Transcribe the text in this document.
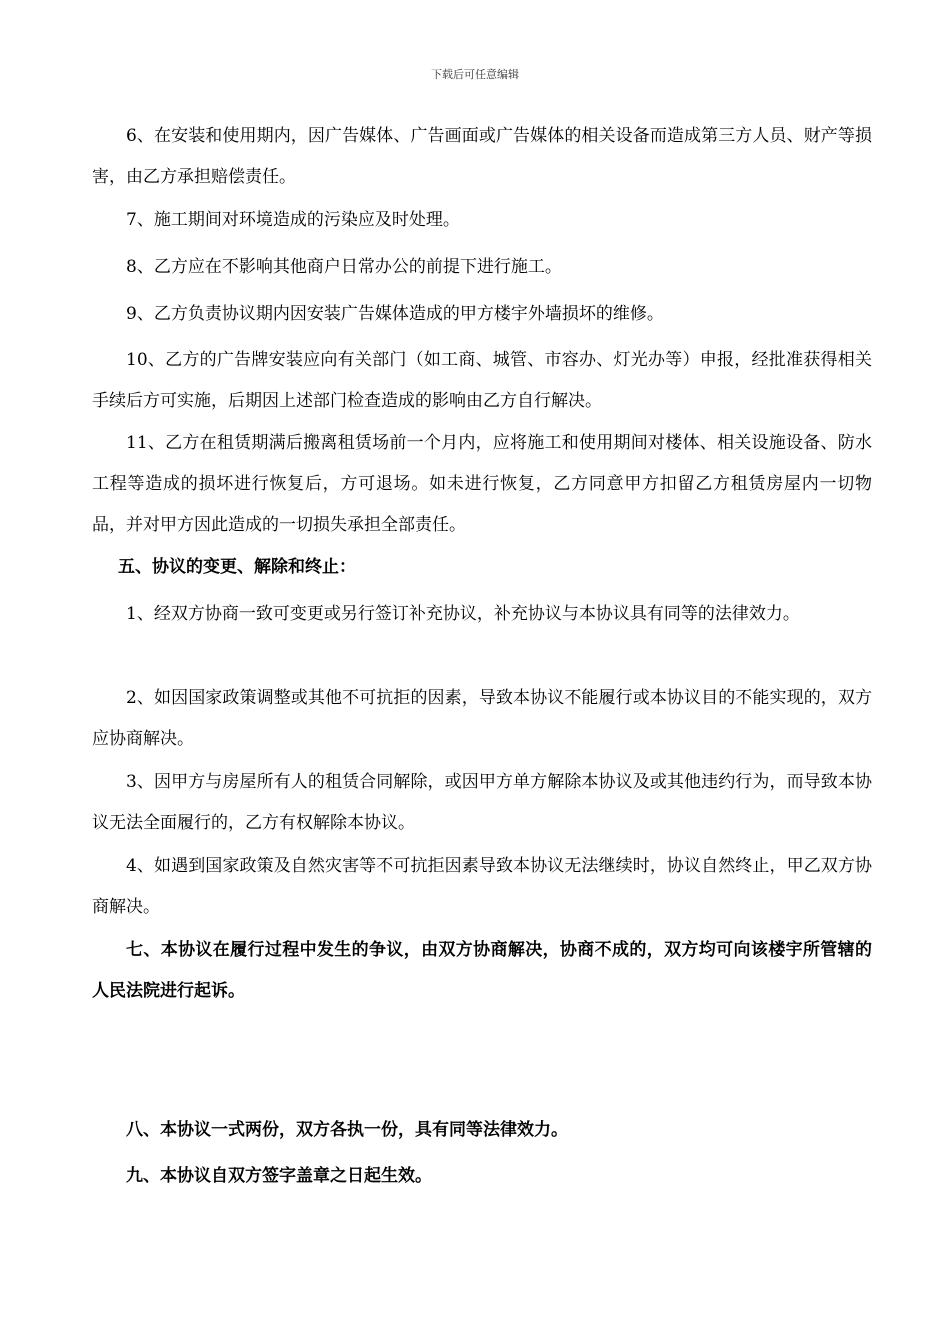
下载后可任意编辑
6、在安装和使用期内，因广告媒体、广告画面或广告媒体的相关设备而造成第三方人员、财产等损害，由乙方承担赔偿责任。
7、施工期间对环境造成的污染应及时处理。
8、乙方应在不影响其他商户日常办公的前提下进行施工。
9、乙方负责协议期内因安装广告媒体造成的甲方楼宇外墙损坏的维修。
10、乙方的广告牌安装应向有关部门（如工商、城管、市容办、灯光办等）申报，经批准获得相关手续后方可实施，后期因上述部门检查造成的影响由乙方自行解决。
11、乙方在租赁期满后搬离租赁场前一个月内，应将施工和使用期间对楼体、相关设施设备、防水工程等造成的损坏进行恢复后，方可退场。如未进行恢复，乙方同意甲方扣留乙方租赁房屋内一切物品，并对甲方因此造成的一切损失承担全部责任。
五、协议的变更、解除和终止：
1、经双方协商一致可变更或另行签订补充协议，补充协议与本协议具有同等的法律效力。
2、如因国家政策调整或其他不可抗拒的因素，导致本协议不能履行或本协议目的不能实现的，双方应协商解决。
3、因甲方与房屋所有人的租赁合同解除，或因甲方单方解除本协议及或其他违约行为，而导致本协议无法全面履行的，乙方有权解除本协议。
4、如遇到国家政策及自然灾害等不可抗拒因素导致本协议无法继续时，协议自然终止，甲乙双方协商解决。
七、本协议在履行过程中发生的争议，由双方协商解决，协商不成的，双方均可向该楼宇所管辖的人民法院进行起诉。
八、本协议一式两份，双方各执一份，具有同等法律效力。
九、本协议自双方签字盖章之日起生效。
